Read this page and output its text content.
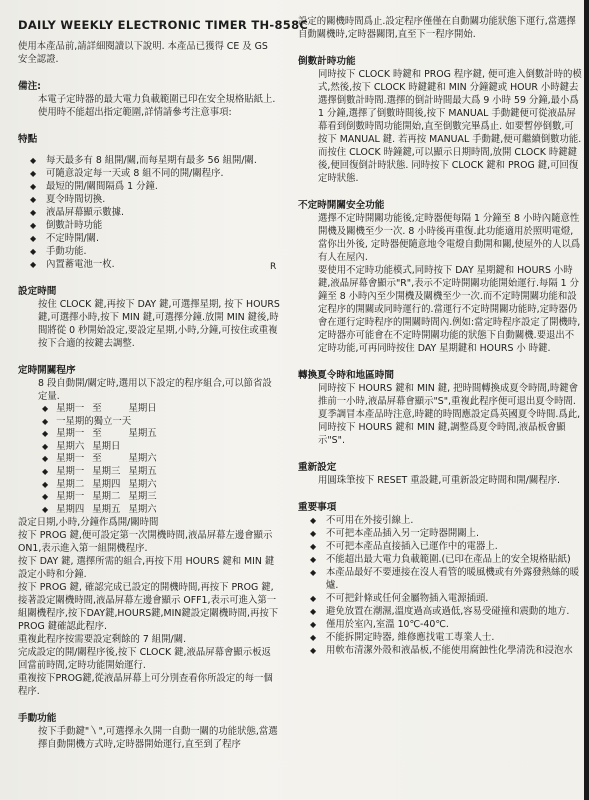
DAILY WEEKLY ELECTRONIC TIMER TH-858C

使用本產品前,請詳細閱讀以下說明. 本產品已獲得 CE 及 GS 安全認證.

備注:

本電子定時器的最大電力負載範圍已印在安全規格貼紙上. 使用時不能超出指定範圍,詳情請參考注意事項:

特點

◆ 每天最多有 8 組開/關,而每星期有最多 56 組開/關.
◆ 可隨意設定每一天或 8 組不同的開/關程序.
◆ 最短的開/關間隔爲 1 分鐘.
◆ 夏令時間切換.
◆ 液晶屏幕顯示數據.
◆ 倒數計時功能
◆ 不定時開/關.
◆ 手動功能.
◆ 內置蓄電池一枚.

設定時間

按住 CLOCK 鍵,再按下 DAY 鍵,可選擇星期, 按下 HOURS 鍵,可選擇小時,按下 MIN 鍵,可選擇分鐘.放開 MIN 鍵後,時間將從 0 秒開始設定,要設定星期,小時,分鐘,可按住或重複按下合適的按鍵去調整.

定時開關程序

8 段自動開/關定時,選用以下設定的程序組合,可以節省設定量.

◆ 星期一	至	星期日
◆ 一星期的獨立一天
◆ 星期一	至	星期五
◆ 星期六	星期日	
◆ 星期一	至	星期六
◆ 星期一	星期三	星期五
◆ 星期二	星期四	星期六
◆ 星期一	星期二	星期三
◆ 星期四	星期五	星期六

設定日期,小時,分鐘作爲開/關時間

按下 PROG 鍵,便可設定第一次開機時間,液晶屏幕左邊會顯示 ON1,表示進入第一組開機程序.

按下 DAY 鍵, 選擇所需的組合,再按下用 HOURS 鍵和 MIN 鍵設定小時和分鐘.

按下 PROG 鍵, 確認完成已設定的開機時間,再按下 PROG 鍵,接著設定關機時間,液晶屏幕左邊會顯示 OFF1,表示可進入第一組關機程序,按下DAY鍵,HOURS鍵,MIN鍵設定關機時間,再按下 PROG 鍵確認此程序.

重複此程序按需要設定剩餘的 7 組開/關.

完成設定的開/關程序後,按下 CLOCK 鍵,液晶屏幕會顯示板返回當前時間,定時功能開始運行.

重複按下PROG鍵,從液晶屏幕上可分別查看你所設定的每一個程序.

手動功能

按下手動鍵"〵",可選擇永久開一自動一關的功能狀態,當選擇自動開機方式時,定時器開始運行,直至到了程序

設定的關機時間爲止.設定程序僅僅在自動關功能狀態下運行,當選擇自動關機時,定時器關閉,直至下一程序開始.

倒數計時功能

同時按下 CLOCK 時鍵和 PROG 程序鍵, 便可進入倒數計時的模式,然後,按下 CLOCK 時鍵鍵和 MIN 分鐘鍵或 HOUR 小時鍵去選擇倒數計時間.選擇的倒計時間最大爲 9 小時 59 分鐘,最小爲 1 分鐘,選擇了倒數時間後,按下 MANUAL 手動鍵便可從液晶屏幕看到倒數時間功能開始,直至倒數完畢爲止. 如要暫停倒數,可按下 MANUAL 鍵. 若再按 MANUAL 手動鍵,便可繼續倒數功能. 而按住 CLOCK 時鐘鍵,可以顯示日期時間,放開 CLOCK 時鍵鍵後,便回復倒計時狀態. 同時按下 CLOCK 鍵和 PROG 鍵,可回復定時狀態.

不定時開關安全功能

選擇不定時開關功能後,定時器便每隔 1 分鐘至 8 小時內隨意性開機及關機至少一次. 8 小時後再重復.此功能適用於照明電燈,當你出外後, 定時器便隨意地令電燈自動開和關,使屋外的人以爲有人在屋內.

要使用不定時功能模式,同時按下 DAY 星期鍵和 HOURS 小時鍵,液晶屏幕會顯示"R",表示不定時開關功能開始運行.每隔 1 分鐘至 8 小時內至少開機及關機至少一次.而不定時開關功能和設定程序的開關或同時運行的.當運行不定時開關功能時,定時器仍會在運行定時程序的開關時間內.例如:當定時程序設定了開機時,定時器亦可能會在不定時開關功能的狀態下自動關機.要退出不定時功能,可再同時按住 DAY 星期鍵和 HOURS 小 時鍵.

轉換夏令時和地區時間

同時按下 HOURS 鍵和 MIN 鍵, 把時間轉換成夏令時間,時鍵會推前一小時,液晶屏幕會顯示"S",重複此程序便可退出夏令時間.夏季調冒本產品時注意,時鍵的時間應設定爲英國夏令時間.爲此,同時按下 HOURS 鍵和 MIN 鍵,調整爲夏令時間,液晶板會顯示"S".

重新設定

用圓珠筆按下 RESET 重設鍵,可重新設定時間和開/關程序.

重要事項

◆ 不可用在外接引線上.
◆ 不可把本產品插入另一定時器開關上.
◆ 不可把本產品直接插入已運作中的電器上.
◆ 不能超出最大電力負載範圍.(已印在產品上的安全規格貼紙)
◆ 本產品最好不要連接在沒人看管的暖風機或有外露發熱絲的暖爐.
◆ 不可把針條或任何金屬物插入電源插頭.
◆ 避免放置在潮濕,溫度過高或過低,容易受碰撞和震動的地方.
◆ 僅用於室內,室溫 10℃-40℃.
◆ 不能拆開定時器, 維修應找電工專業人士.
◆ 用軟布清潔外殼和液晶板,不能使用腐蝕性化學清洗和浸泡水
R
